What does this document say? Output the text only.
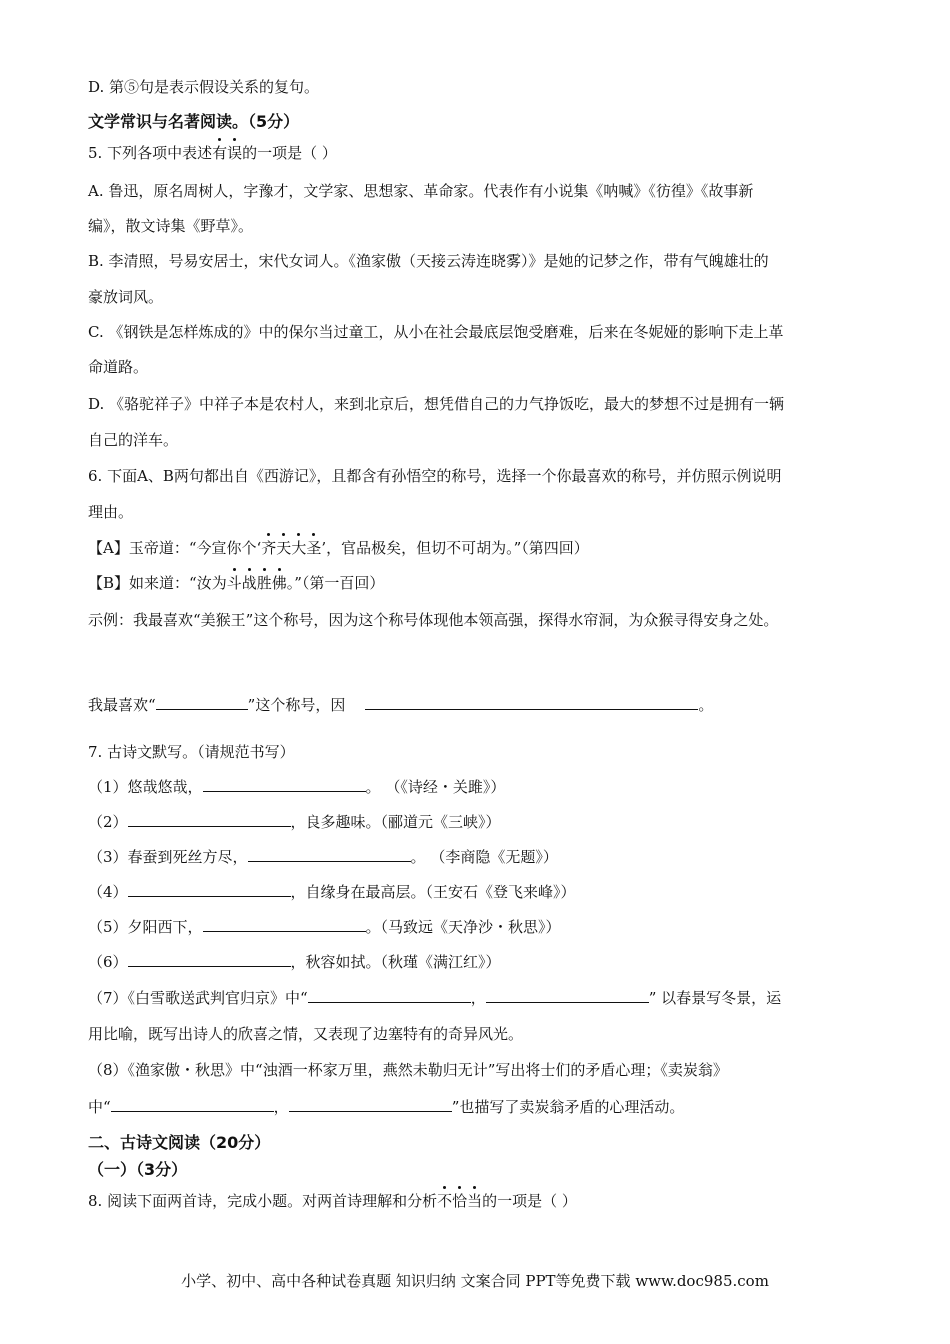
D. 第⑤句是表示假设关系的复句。
文学常识与名著阅读。（5分）
5. 下列各项中表述有误的一项是（ ）
A. 鲁迅，原名周树人，字豫才，文学家、思想家、革命家。代表作有小说集《呐喊》《彷徨》《故事新
编》，散文诗集《野草》。
B. 李清照，号易安居士，宋代女词人。《渔家傲（天接云涛连晓雾）》是她的记梦之作，带有气魄雄壮的
豪放词风。
C. 《钢铁是怎样炼成的》中的保尔当过童工，从小在社会最底层饱受磨难，后来在冬妮娅的影响下走上革
命道路。
D. 《骆驼祥子》中祥子本是农村人，来到北京后，想凭借自己的力气挣饭吃，最大的梦想不过是拥有一辆
自己的洋车。
6. 下面A、B两句都出自《西游记》，且都含有孙悟空的称号，选择一个你最喜欢的称号，并仿照示例说明
理由。
【A】玉帝道：“今宣你个‘齐天大圣’，官品极矣，但切不可胡为。”（第四回）
【B】如来道：“汝为斗战胜佛。”（第一百回）
示例：我最喜欢“美猴王”这个称号，因为这个称号体现他本领高强，探得水帘洞，为众猴寻得安身之处。
我最喜欢“	”这个称号，因	。
7. 古诗文默写。（请规范书写）
（1）悠哉悠哉，	。 （《诗经・关雎》）
（2）	，良多趣味。（郦道元《三峡》）
（3）春蚕到死丝方尽，	。 （李商隐《无题》）
（4）	，自缘身在最高层。（王安石《登飞来峰》）
（5）夕阳西下，	。（马致远《天净沙・秋思》）
（6）	，秋容如拭。（秋瑾《满江红》）
（7）《白雪歌送武判官归京》中“	，	” 以春景写冬景，运
用比喻，既写出诗人的欣喜之情，又表现了边塞特有的奇异风光。
（8）《渔家傲・秋思》中“浊酒一杯家万里，燕然未勒归无计”写出将士们的矛盾心理；《卖炭翁》
中“	，	”也描写了卖炭翁矛盾的心理活动。
二、古诗文阅读（20分）
（一）（3分）
8. 阅读下面两首诗，完成小题。对两首诗理解和分析不恰当的一项是（ ）
小学、初中、高中各种试卷真题 知识归纳 文案合同 PPT等免费下载 www.doc985.com
